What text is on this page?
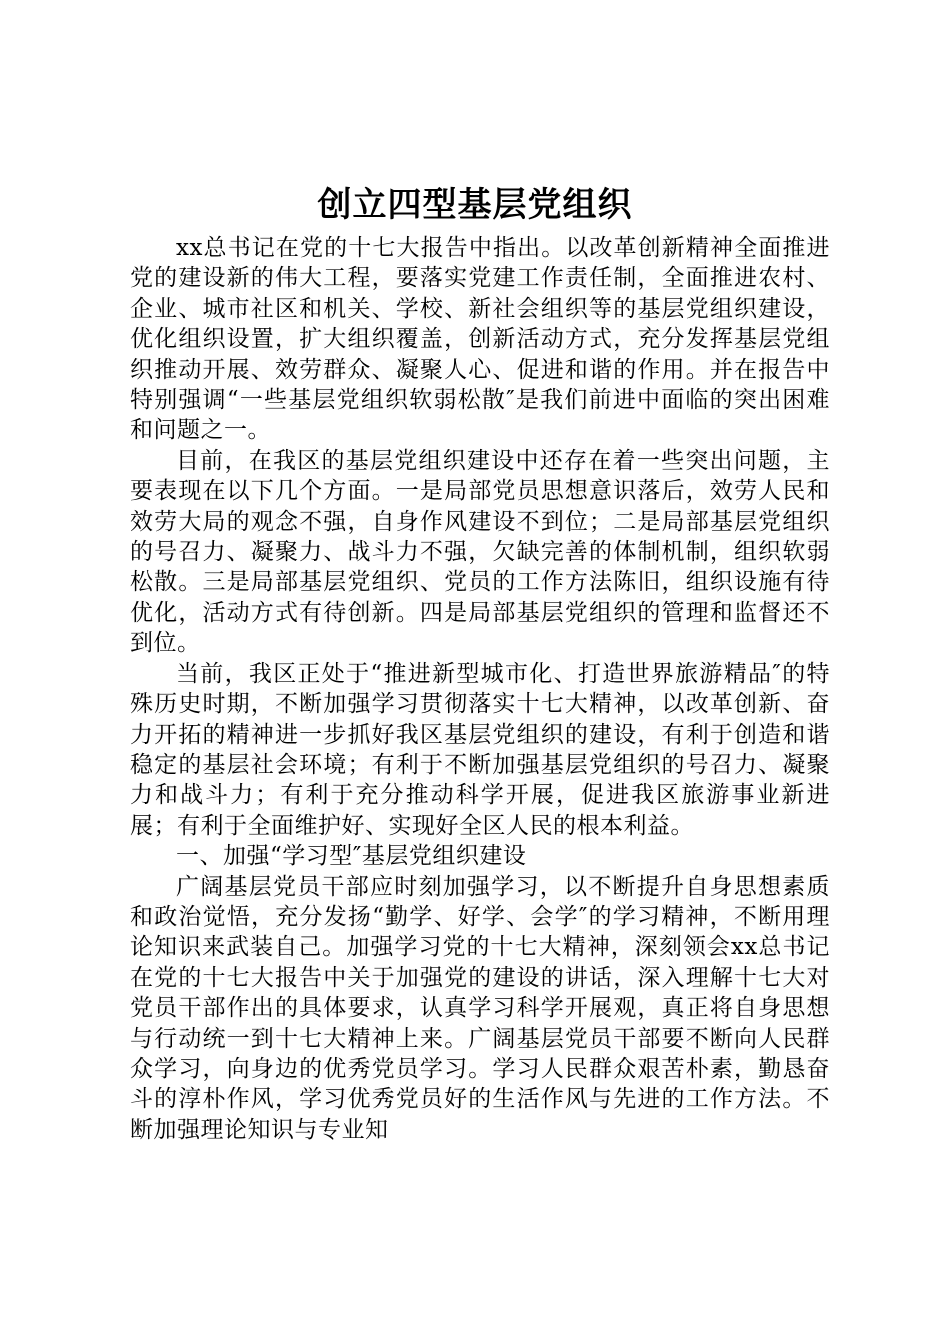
创立四型基层党组织

xx总书记在党的十七大报告中指出。以改革创新精神全面推进党的建设新的伟大工程，要落实党建工作责任制，全面推进农村、企业、城市社区和机关、学校、新社会组织等的基层党组织建设，优化组织设置，扩大组织覆盖，创新活动方式，充分发挥基层党组织推动开展、效劳群众、凝聚人心、促进和谐的作用。并在报告中特别强调“一些基层党组织软弱松散″是我们前进中面临的突出困难和问题之一。

目前，在我区的基层党组织建设中还存在着一些突出问题，主要表现在以下几个方面。一是局部党员思想意识落后，效劳人民和效劳大局的观念不强，自身作风建设不到位；二是局部基层党组织的号召力、凝聚力、战斗力不强，欠缺完善的体制机制，组织软弱松散。三是局部基层党组织、党员的工作方法陈旧，组织设施有待优化，活动方式有待创新。四是局部基层党组织的管理和监督还不到位。

当前，我区正处于“推进新型城市化、打造世界旅游精品″的特殊历史时期，不断加强学习贯彻落实十七大精神，以改革创新、奋力开拓的精神进一步抓好我区基层党组织的建设，有利于创造和谐稳定的基层社会环境；有利于不断加强基层党组织的号召力、凝聚力和战斗力；有利于充分推动科学开展，促进我区旅游事业新进展；有利于全面维护好、实现好全区人民的根本利益。

一、加强“学习型″基层党组织建设

广阔基层党员干部应时刻加强学习，以不断提升自身思想素质和政治觉悟，充分发扬“勤学、好学、会学″的学习精神，不断用理论知识来武装自己。加强学习党的十七大精神，深刻领会xx总书记在党的十七大报告中关于加强党的建设的讲话，深入理解十七大对党员干部作出的具体要求，认真学习科学开展观，真正将自身思想与行动统一到十七大精神上来。广阔基层党员干部要不断向人民群众学习，向身边的优秀党员学习。学习人民群众艰苦朴素，勤恳奋斗的淳朴作风，学习优秀党员好的生活作风与先进的工作方法。不断加强理论知识与专业知
